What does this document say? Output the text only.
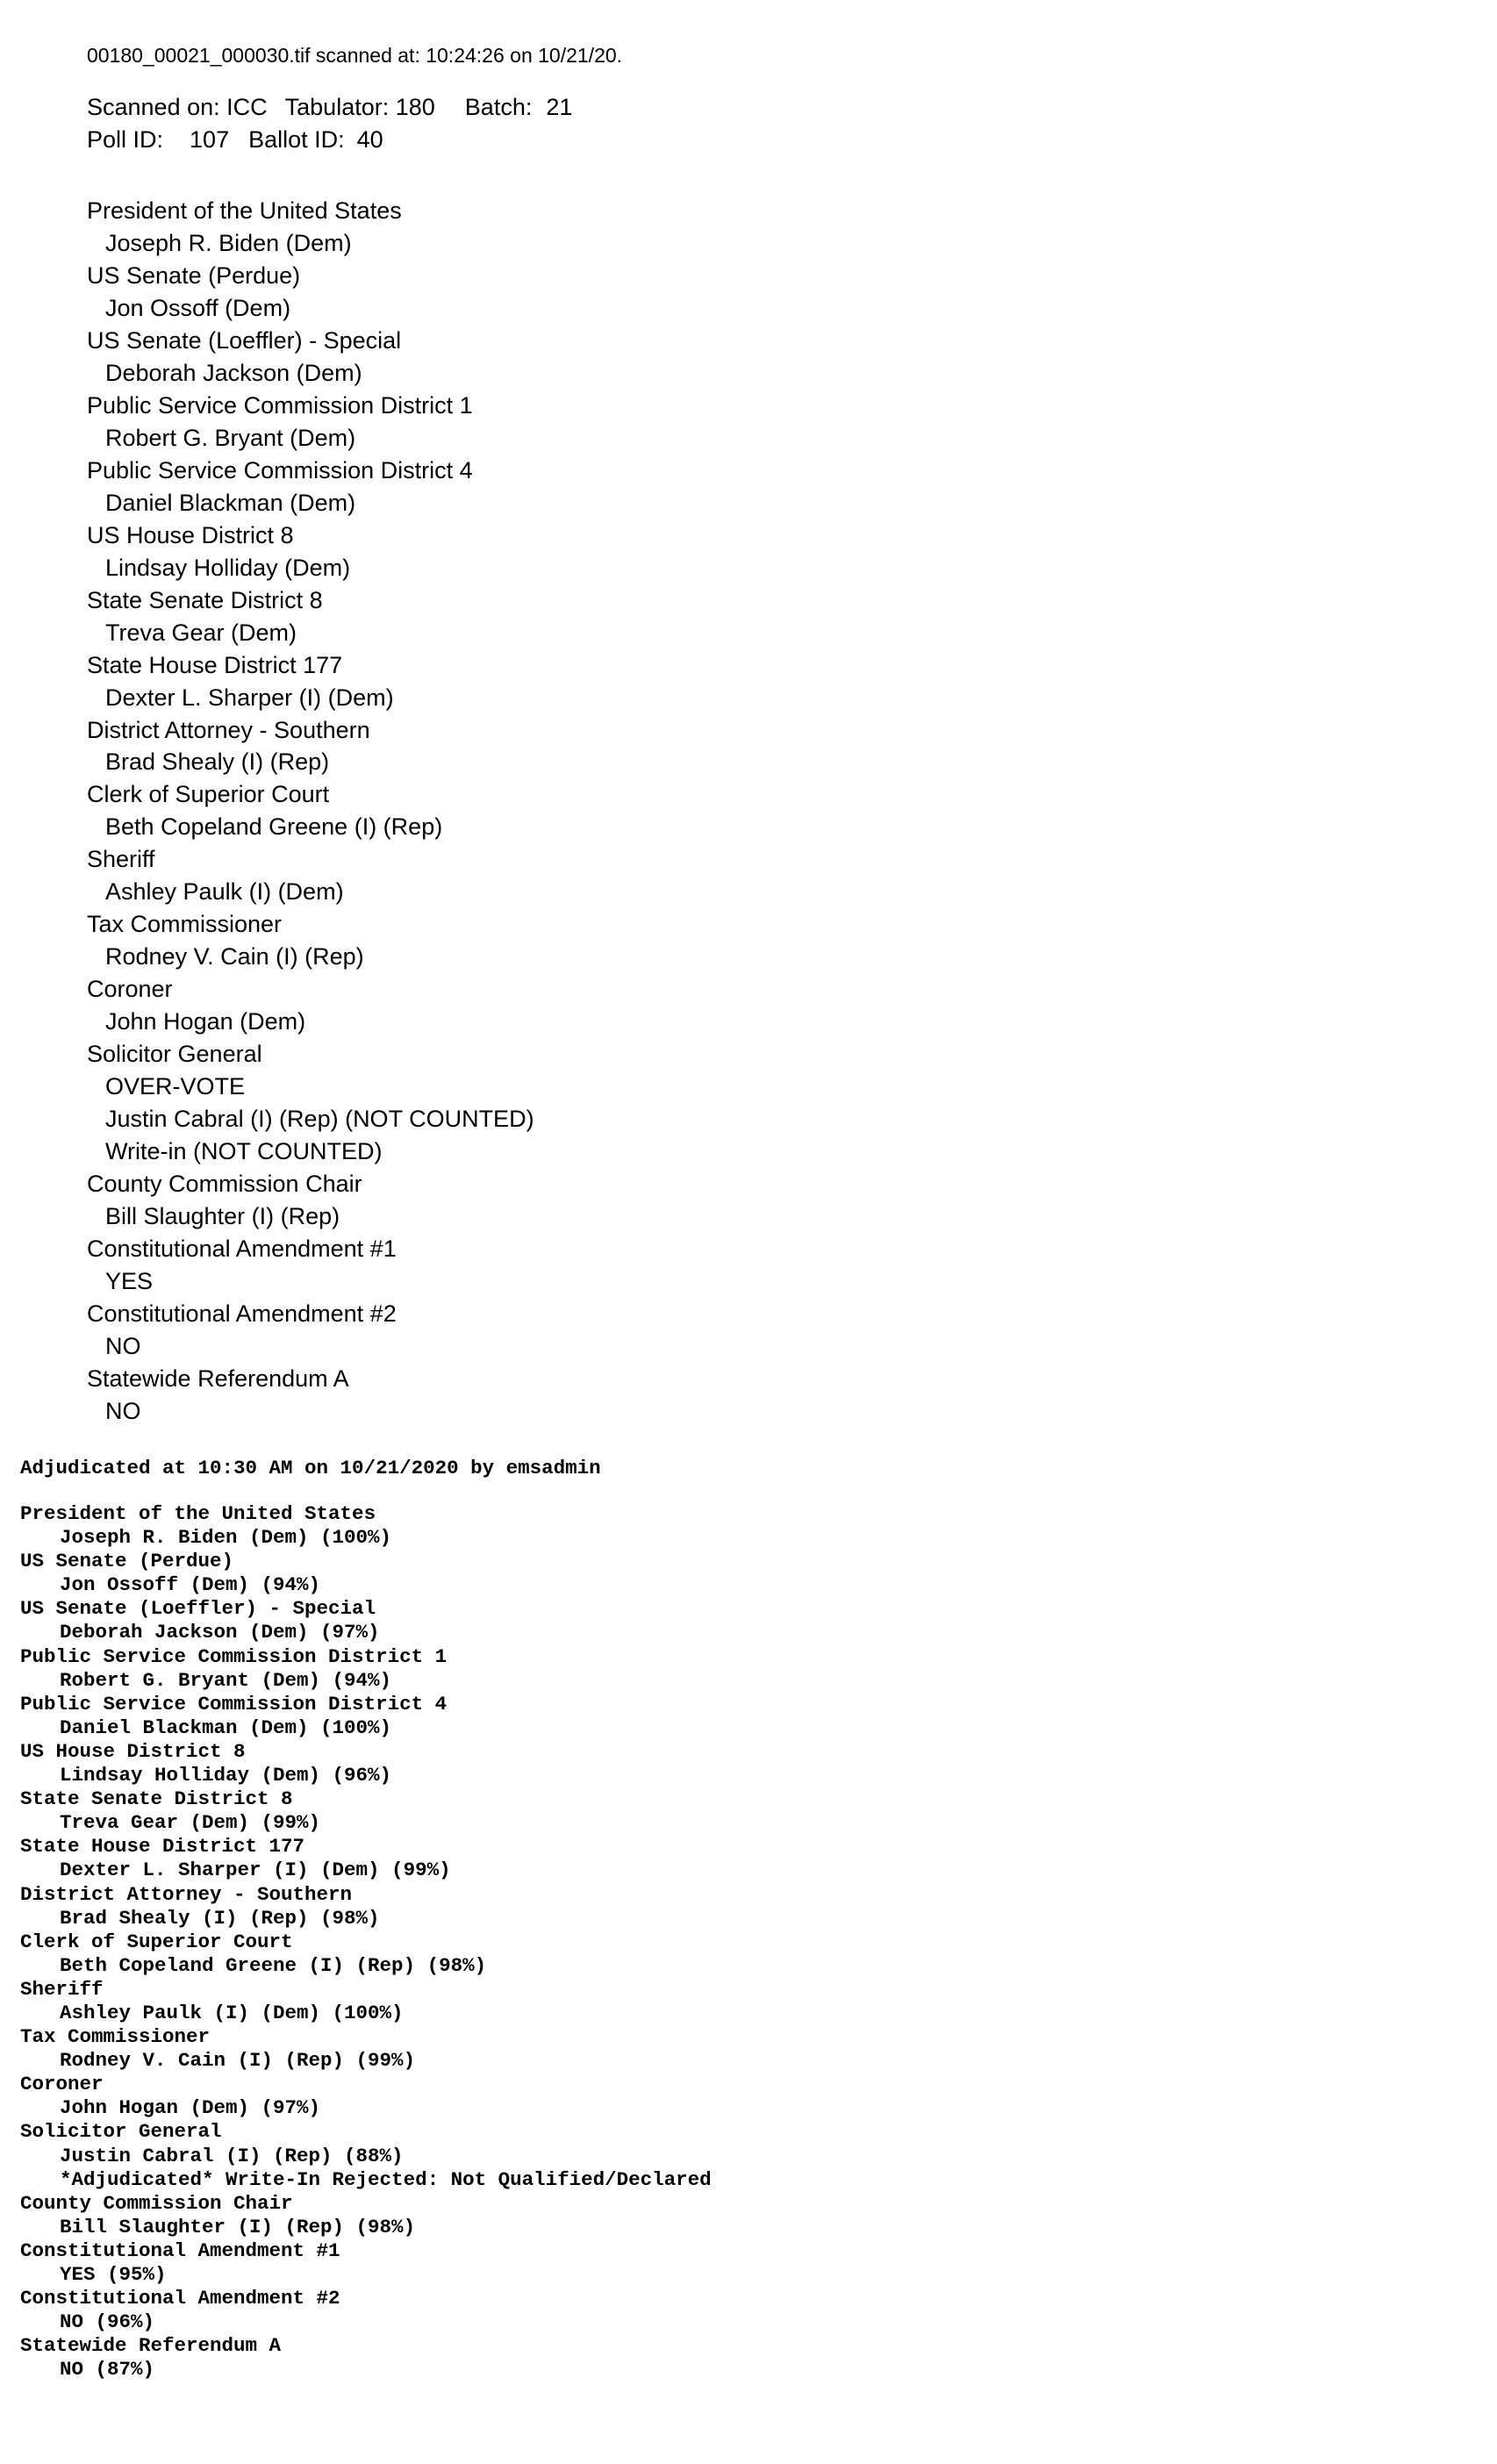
00180_00021_000030.tif scanned at: 10:24:26 on 10/21/20.
Scanned on: ICC Tabulator: 180 Batch: 21
Poll ID: 107 Ballot ID: 40
President of the United States
Joseph R. Biden (Dem)
US Senate (Perdue)
Jon Ossoff (Dem)
US Senate (Loeffler) - Special
Deborah Jackson (Dem)
Public Service Commission District 1
Robert G. Bryant (Dem)
Public Service Commission District 4
Daniel Blackman (Dem)
US House District 8
Lindsay Holliday (Dem)
State Senate District 8
Treva Gear (Dem)
State House District 177
Dexter L. Sharper (I) (Dem)
District Attorney - Southern
Brad Shealy (I) (Rep)
Clerk of Superior Court
Beth Copeland Greene (I) (Rep)
Sheriff
Ashley Paulk (I) (Dem)
Tax Commissioner
Rodney V. Cain (I) (Rep)
Coroner
John Hogan (Dem)
Solicitor General
OVER-VOTE
Justin Cabral (I) (Rep) (NOT COUNTED)
Write-in (NOT COUNTED)
County Commission Chair
Bill Slaughter (I) (Rep)
Constitutional Amendment #1
YES
Constitutional Amendment #2
NO
Statewide Referendum A
NO
Adjudicated at 10:30 AM on 10/21/2020 by emsadmin
President of the United States
Joseph R. Biden (Dem) (100%)
US Senate (Perdue)
Jon Ossoff (Dem) (94%)
US Senate (Loeffler) - Special
Deborah Jackson (Dem) (97%)
Public Service Commission District 1
Robert G. Bryant (Dem) (94%)
Public Service Commission District 4
Daniel Blackman (Dem) (100%)
US House District 8
Lindsay Holliday (Dem) (96%)
State Senate District 8
Treva Gear (Dem) (99%)
State House District 177
Dexter L. Sharper (I) (Dem) (99%)
District Attorney - Southern
Brad Shealy (I) (Rep) (98%)
Clerk of Superior Court
Beth Copeland Greene (I) (Rep) (98%)
Sheriff
Ashley Paulk (I) (Dem) (100%)
Tax Commissioner
Rodney V. Cain (I) (Rep) (99%)
Coroner
John Hogan (Dem) (97%)
Solicitor General
Justin Cabral (I) (Rep) (88%)
*Adjudicated* Write-In Rejected: Not Qualified/Declared
County Commission Chair
Bill Slaughter (I) (Rep) (98%)
Constitutional Amendment #1
YES (95%)
Constitutional Amendment #2
NO (96%)
Statewide Referendum A
NO (87%)
